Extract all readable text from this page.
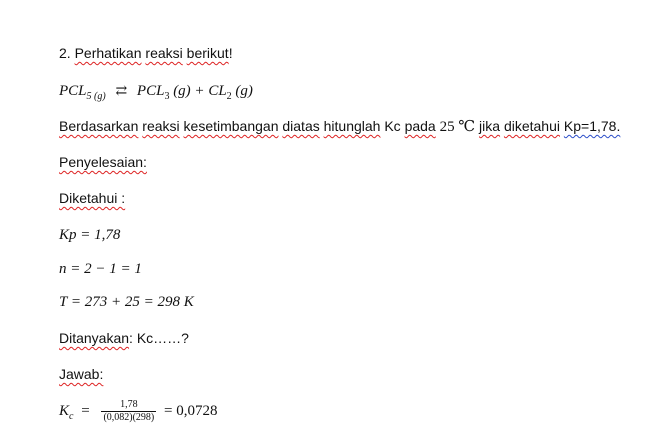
2. Perhatikan reaksi berikut!
$PCL_{5 (g)}$ ⇄ $PCL_3$ $(g) + CL_2$ (g)
Berdasarkan reaksi kesetimbangan diatas hitunglah Kc pada 25 ℃ jika diketahui Kp=1,78.
Penyelesaian:
Diketahui :
Kp = 1,78
n = 2 − 1 = 1
T = 273 + 25 = 298 K
Ditanyakan: Kc……?
Jawab:
$K_c = \frac{1,78}{(0,082)(298)} = 0,0728$
